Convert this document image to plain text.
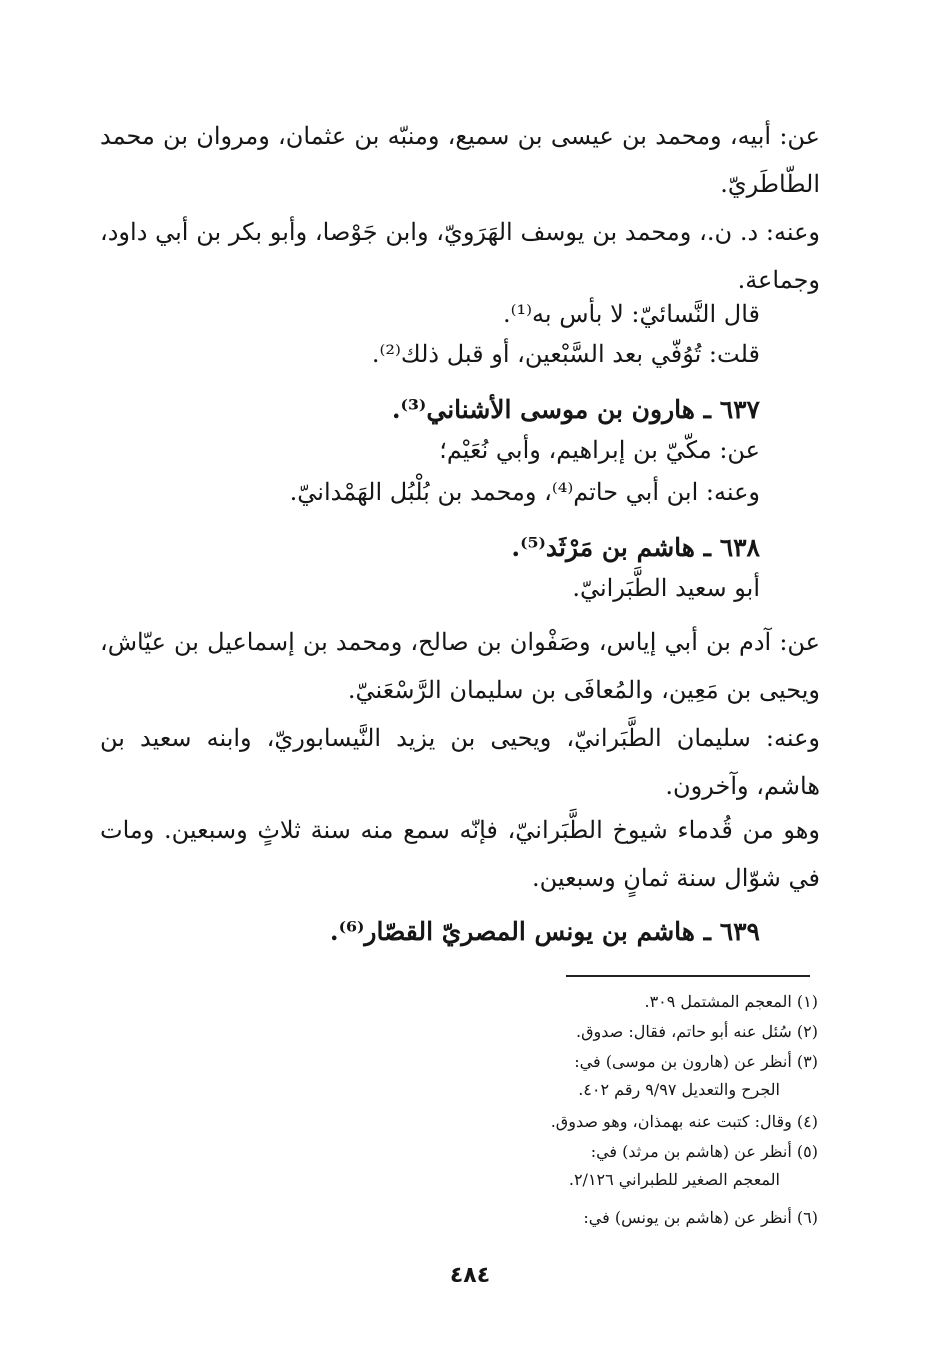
عن: أبيه، ومحمد بن عيسى بن سميع، ومنبّه بن عثمان، ومروان بن محمد الطّاطَريّ.
وعنه: د. ن.، ومحمد بن يوسف الهَرَويّ، وابن جَوْصا، وأبو بكر بن أبي داود، وجماعة.
قال النَّسائيّ: لا بأس به⁽¹⁾.
قلت: تُوُفّي بعد السَّبْعين، أو قبل ذلك⁽²⁾.
٦٣٧ ـ هارون بن موسى الأشناني⁽³⁾.
عن: مكّيّ بن إبراهيم، وأبي نُعَيْم؛
وعنه: ابن أبي حاتم⁽⁴⁾، ومحمد بن بُلْبُل الهَمْدانيّ.
٦٣٨ ـ هاشم بن مَرْثَد⁽⁵⁾.
أبو سعيد الطَّبَرانيّ.
عن: آدم بن أبي إياس، وصَفْوان بن صالح، ومحمد بن إسماعيل بن عيّاش، ويحيى بن مَعِين، والمُعافَى بن سليمان الرَّسْعَنيّ.
وعنه: سليمان الطَّبَرانيّ، ويحيى بن يزيد النَّيسابوريّ، وابنه سعيد بن هاشم، وآخرون.
وهو من قُدماء شيوخ الطَّبَرانيّ، فإنّه سمع منه سنة ثلاثٍ وسبعين. ومات في شوّال سنة ثمانٍ وسبعين.
٦٣٩ ـ هاشم بن يونس المصريّ القصّار⁽⁶⁾.
(١) المعجم المشتمل ٣٠٩.
(٢) سُئل عنه أبو حاتم، فقال: صدوق.
(٣) أنظر عن (هارون بن موسى) في:
الجرح والتعديل ٩/٩٧ رقم ٤٠٢.
(٤) وقال: كتبت عنه بهمذان، وهو صدوق.
(٥) أنظر عن (هاشم بن مرثد) في:
المعجم الصغير للطبراني ٢/١٢٦.
(٦) أنظر عن (هاشم بن يونس) في:
٤٨٤
